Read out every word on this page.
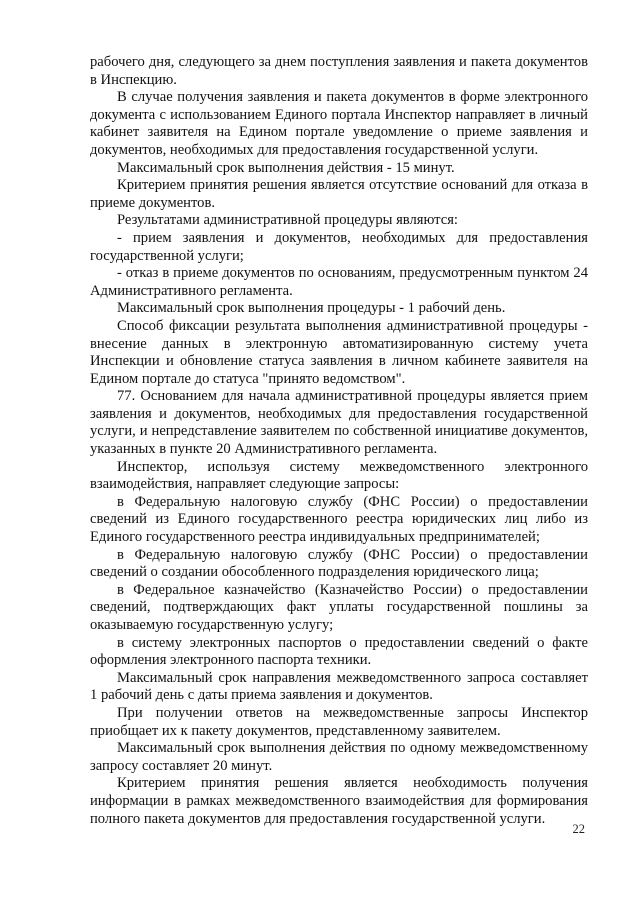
рабочего дня, следующего за днем поступления заявления и пакета документов в Инспекцию.

В случае получения заявления и пакета документов в форме электронного документа с использованием Единого портала Инспектор направляет в личный кабинет заявителя на Едином портале уведомление о приеме заявления и документов, необходимых для предоставления государственной услуги.

Максимальный срок выполнения действия - 15 минут.

Критерием принятия решения является отсутствие оснований для отказа в приеме документов.

Результатами административной процедуры являются:

- прием заявления и документов, необходимых для предоставления государственной услуги;

- отказ в приеме документов по основаниям, предусмотренным пунктом 24 Административного регламента.

Максимальный срок выполнения процедуры - 1 рабочий день.

Способ фиксации результата выполнения административной процедуры - внесение данных в электронную автоматизированную систему учета Инспекции и обновление статуса заявления в личном кабинете заявителя на Едином портале до статуса "принято ведомством".

77. Основанием для начала административной процедуры является прием заявления и документов, необходимых для предоставления государственной услуги, и непредставление заявителем по собственной инициативе документов, указанных в пункте 20 Административного регламента.

Инспектор, используя систему межведомственного электронного взаимодействия, направляет следующие запросы:

в Федеральную налоговую службу (ФНС России) о предоставлении сведений из Единого государственного реестра юридических лиц либо из Единого государственного реестра индивидуальных предпринимателей;

в Федеральную налоговую службу (ФНС России) о предоставлении сведений о создании обособленного подразделения юридического лица;

в Федеральное казначейство (Казначейство России) о предоставлении сведений, подтверждающих факт уплаты государственной пошлины за оказываемую государственную услугу;

в систему электронных паспортов о предоставлении сведений о факте оформления электронного паспорта техники.

Максимальный срок направления межведомственного запроса составляет 1 рабочий день с даты приема заявления и документов.

При получении ответов на межведомственные запросы Инспектор приобщает их к пакету документов, представленному заявителем.

Максимальный срок выполнения действия по одному межведомственному запросу составляет 20 минут.

Критерием принятия решения является необходимость получения информации в рамках межведомственного взаимодействия для формирования полного пакета документов для предоставления государственной услуги.

22
